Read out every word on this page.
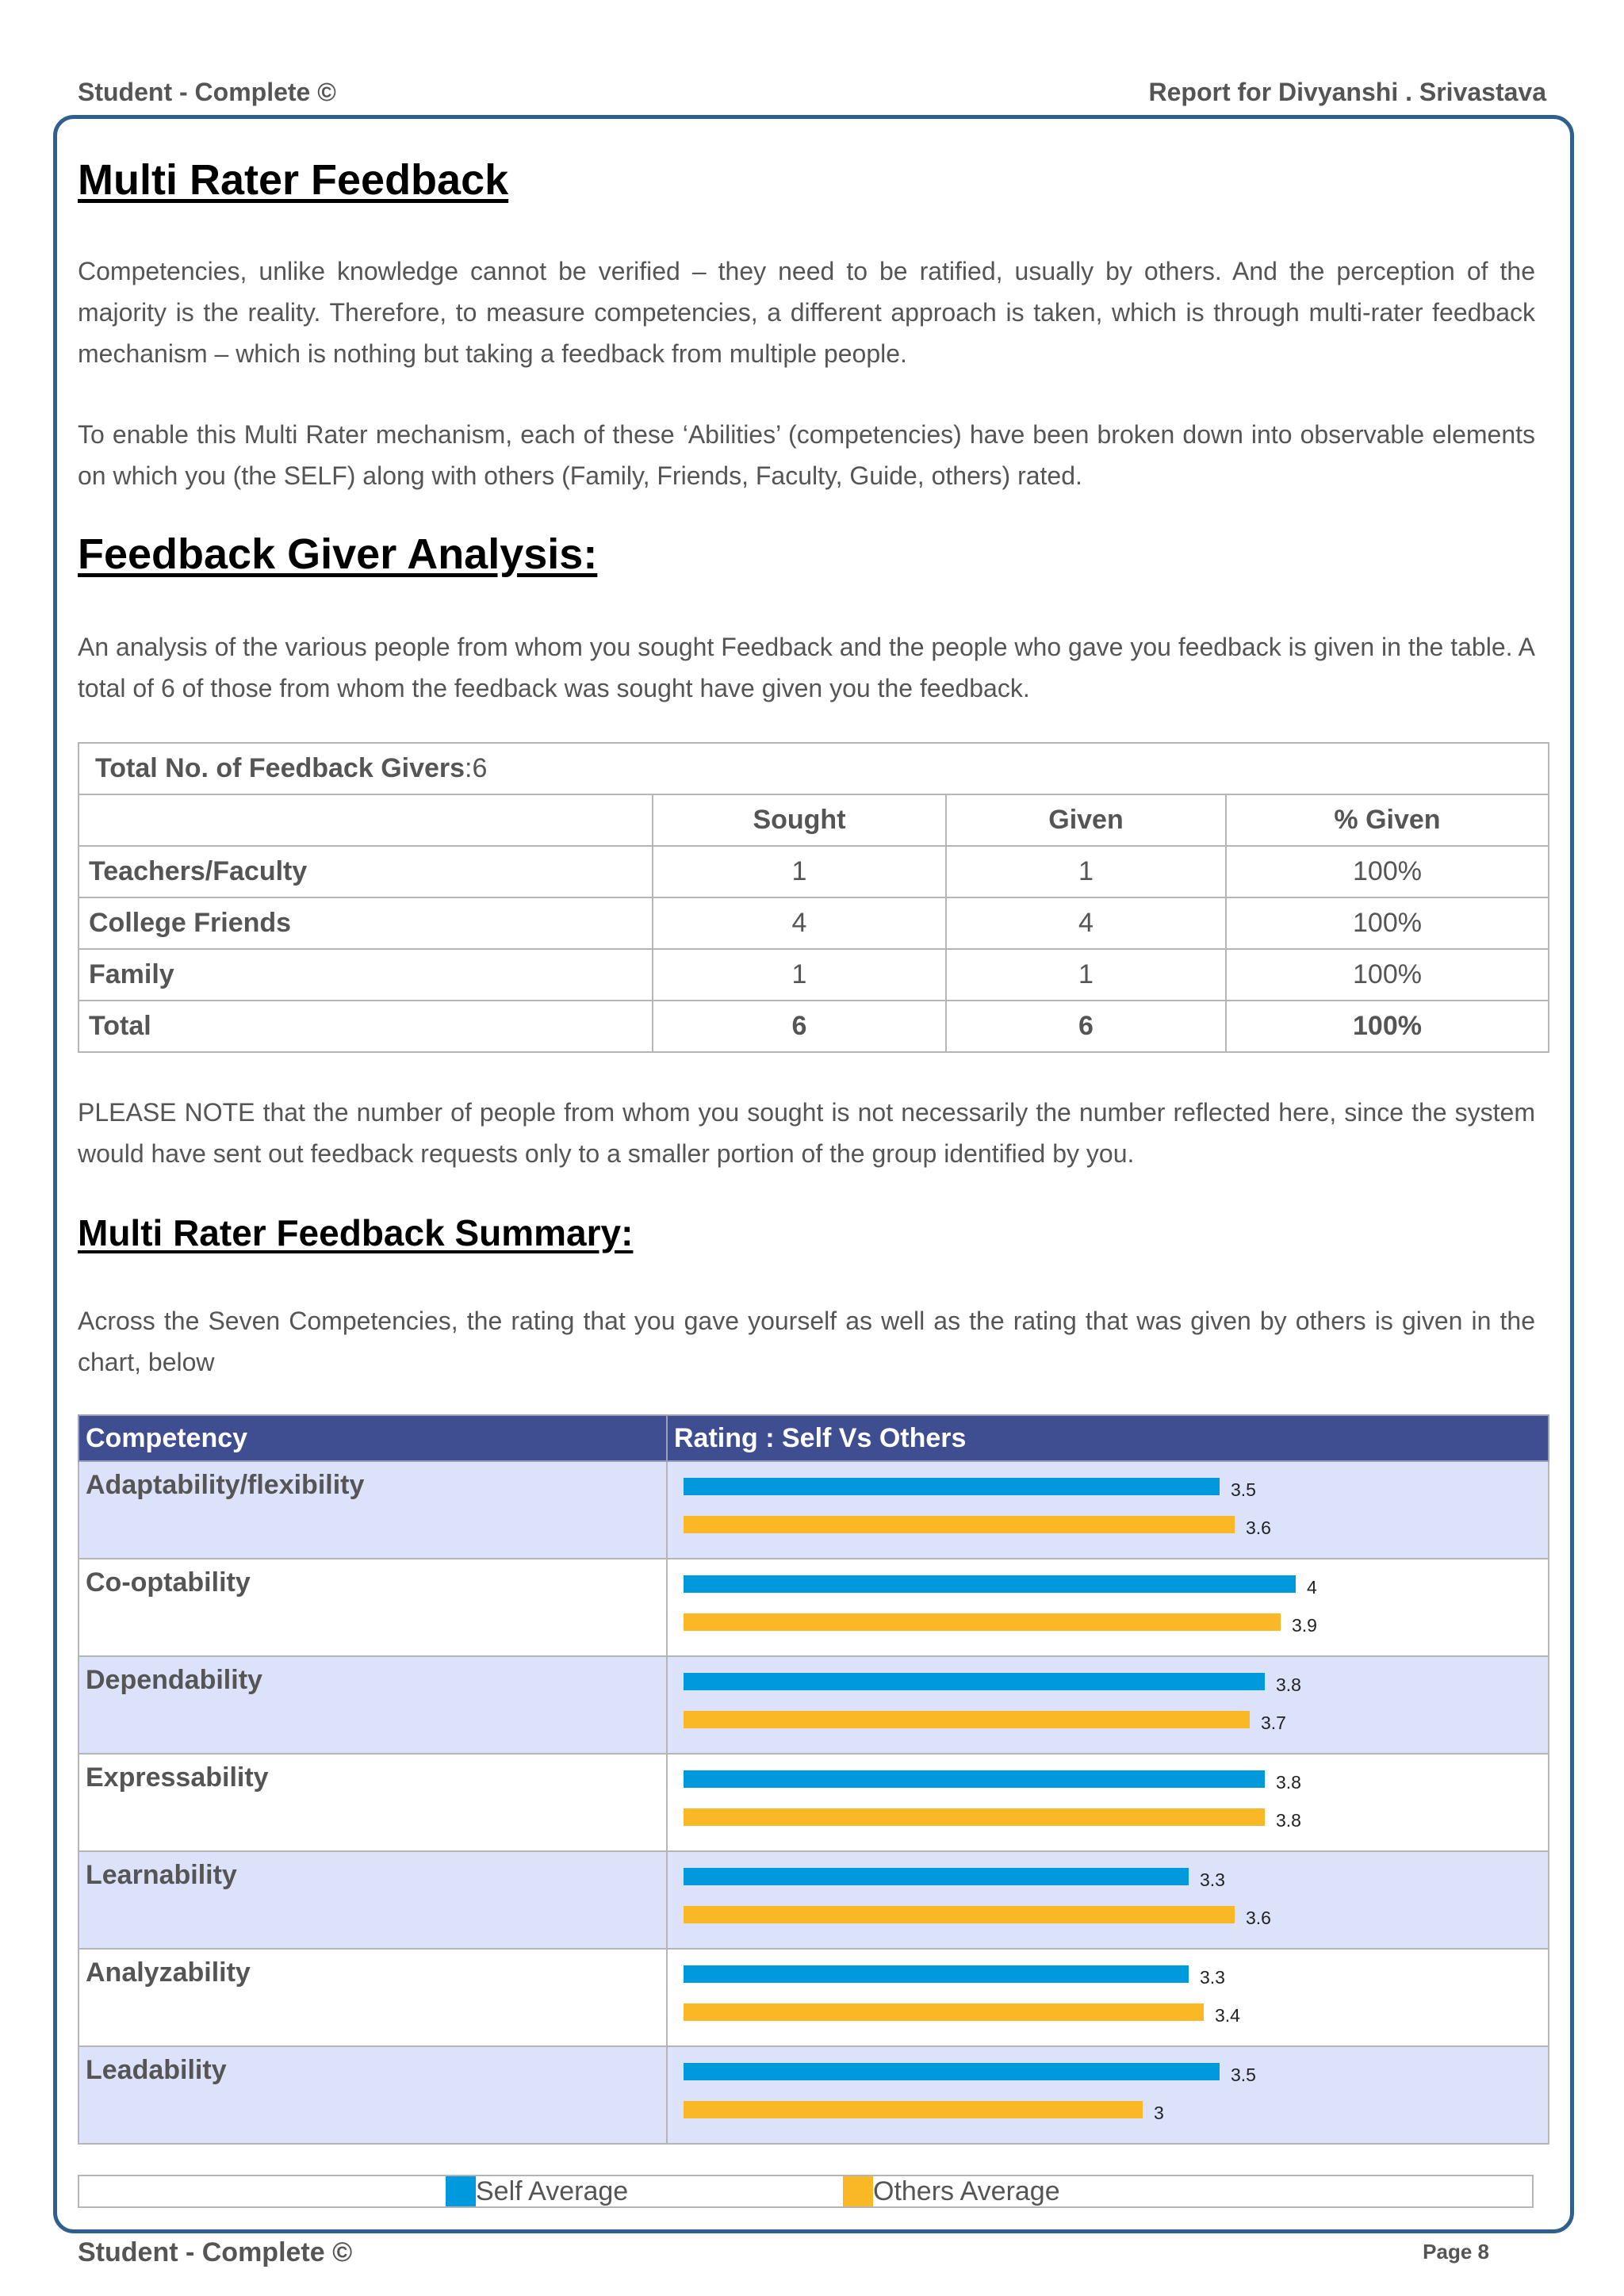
Student - Complete ©	Report for Divyanshi . Srivastava
Multi Rater Feedback
Competencies, unlike knowledge cannot be verified – they need to be ratified, usually by others. And the perception of the majority is the reality. Therefore, to measure competencies, a different approach is taken, which is through multi-rater feedback mechanism – which is nothing but taking a feedback from multiple people.
To enable this Multi Rater mechanism, each of these ‘Abilities’ (competencies) have been broken down into observable elements on which you (the SELF) along with others (Family, Friends, Faculty, Guide, others) rated.
Feedback Giver Analysis:
An analysis of the various people from whom you sought Feedback and the people who gave you feedback is given in the table. A total of 6 of those from whom the feedback was sought have given you the feedback.
Total No. of Feedback Givers:6			
	Sought	Given	% Given
Teachers/Faculty	1	1	100%
College Friends	4	4	100%
Family	1	1	100%
Total	6	6	100%
PLEASE NOTE that the number of people from whom you sought is not necessarily the number reflected here, since the system would have sent out feedback requests only to a smaller portion of the group identified by you.
Multi Rater Feedback Summary:
Across the Seven Competencies, the rating that you gave yourself as well as the rating that was given by others is given in the chart, below
Competency	Rating : Self Vs Others
Adaptability/flexibility	3.5
3.6

Co-optability	4
3.9

Dependability	3.8
3.7

Expressability	3.8
3.8

Learnability	3.3
3.6

Analyzability	3.3
3.4

Leadability	3.5
3
Self Average	Others Average
Student - Complete ©	Page 8
